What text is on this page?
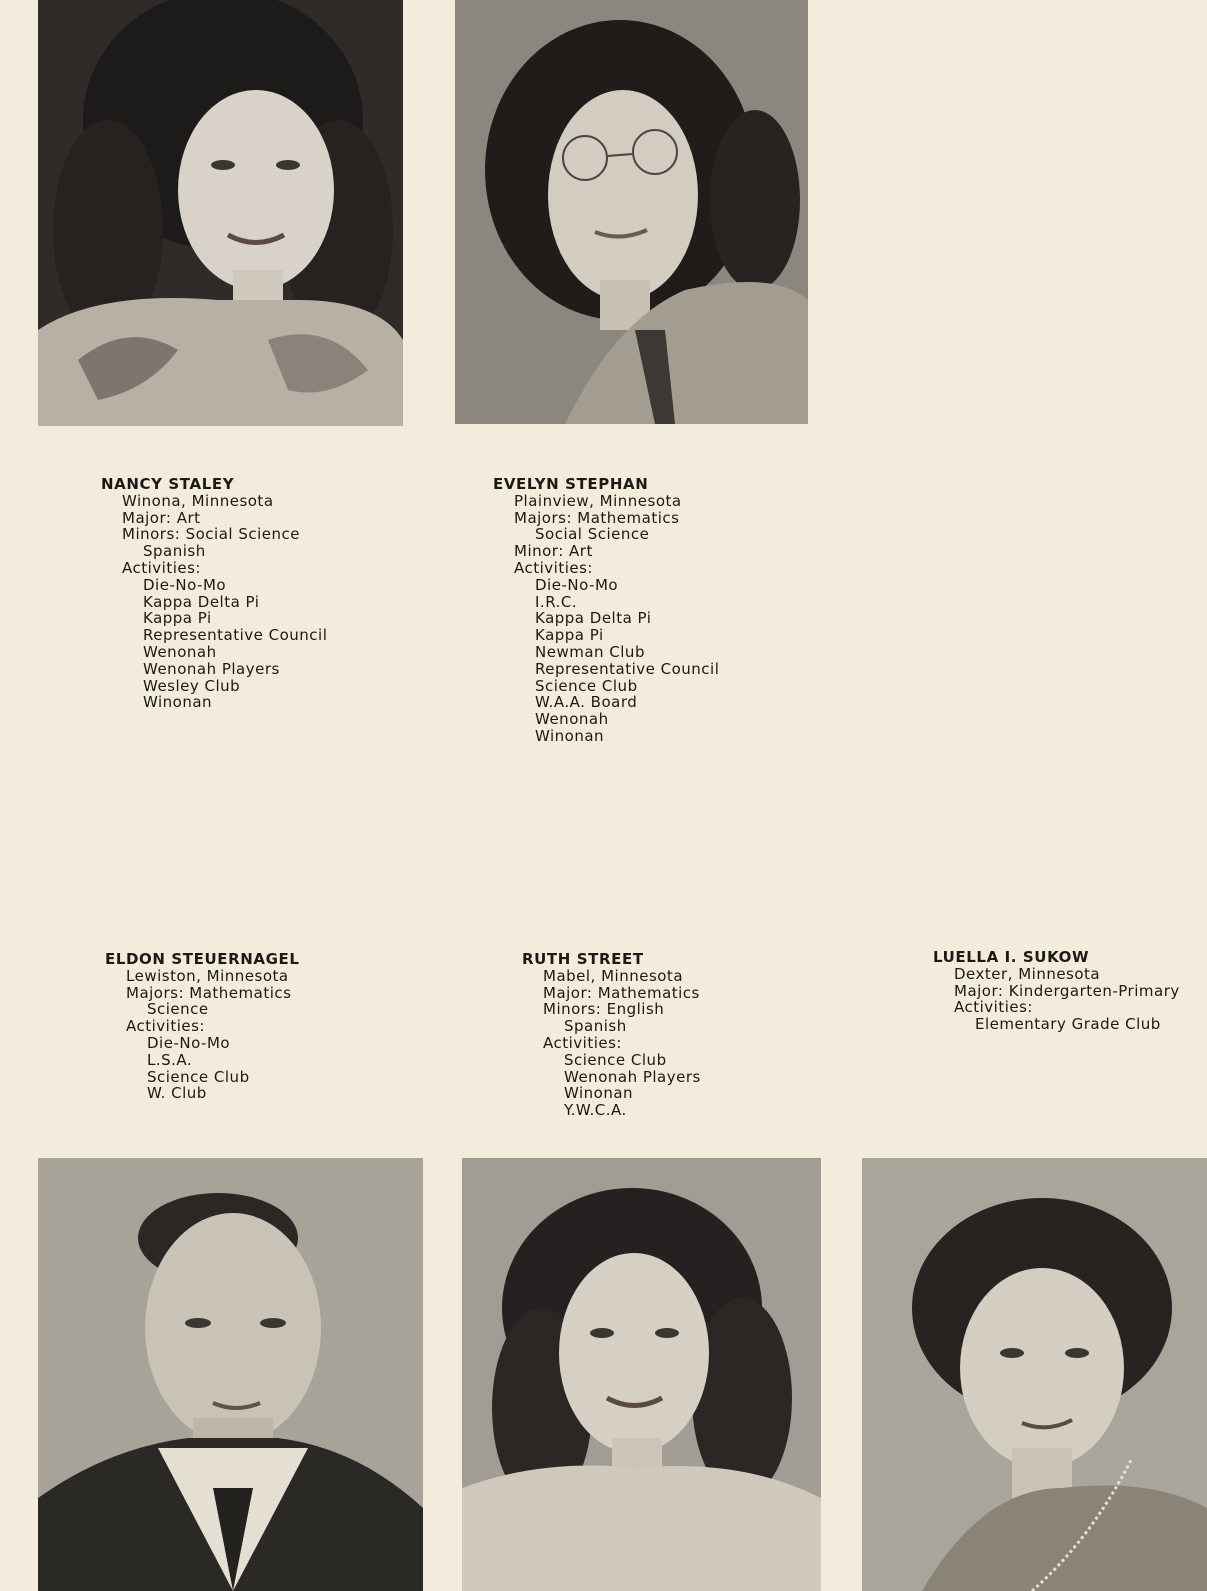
NANCY STALEY
Winona, Minnesota
Major: Art
Minors: Social Science
Spanish
Activities:
Die-No-Mo
Kappa Delta Pi
Kappa Pi
Representative Council
Wenonah
Wenonah Players
Wesley Club
Winonan
EVELYN STEPHAN
Plainview, Minnesota
Majors: Mathematics
Social Science
Minor: Art
Activities:
Die-No-Mo
I.R.C.
Kappa Delta Pi
Kappa Pi
Newman Club
Representative Council
Science Club
W.A.A. Board
Wenonah
Winonan
ELDON STEUERNAGEL
Lewiston, Minnesota
Majors: Mathematics
Science
Activities:
Die-No-Mo
L.S.A.
Science Club
W. Club
RUTH STREET
Mabel, Minnesota
Major: Mathematics
Minors: English
Spanish
Activities:
Science Club
Wenonah Players
Winonan
Y.W.C.A.
LUELLA I. SUKOW
Dexter, Minnesota
Major: Kindergarten-Primary
Activities:
Elementary Grade Club
